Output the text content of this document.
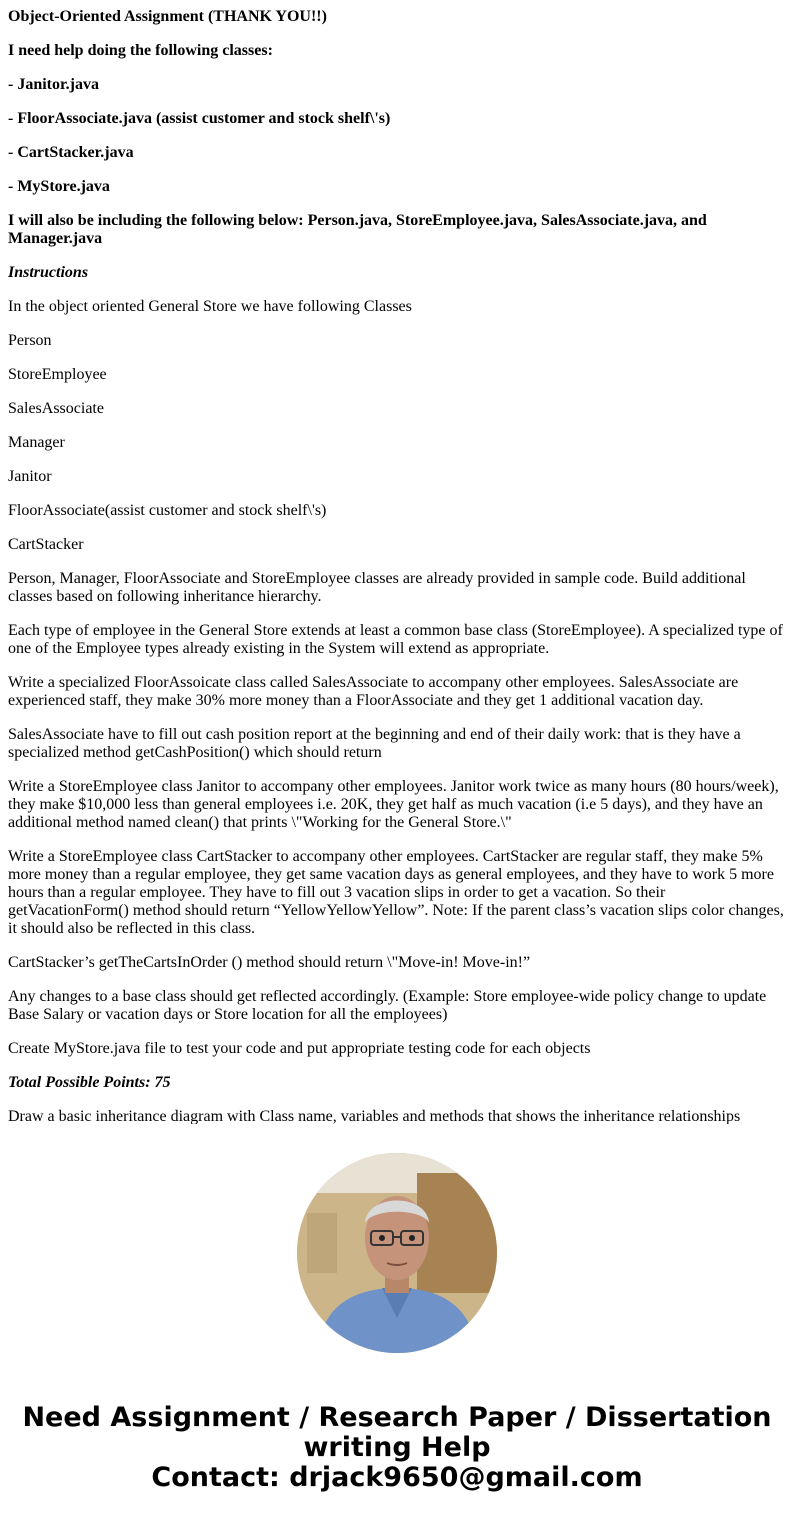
Object-Oriented Assignment (THANK YOU!!)

I need help doing the following classes:

- Janitor.java

- FloorAssociate.java (assist customer and stock shelf\'s)

- CartStacker.java

- MyStore.java

I will also be including the following below: Person.java, StoreEmployee.java, SalesAssociate.java, and Manager.java

Instructions

In the object oriented General Store we have following Classes

Person

StoreEmployee

SalesAssociate

Manager

Janitor

FloorAssociate(assist customer and stock shelf\'s)

CartStacker

Person, Manager, FloorAssociate and StoreEmployee classes are already provided in sample code. Build additional classes based on following inheritance hierarchy.

Each type of employee in the General Store extends at least a common base class (StoreEmployee). A specialized type of one of the Employee types already existing in the System will extend as appropriate.

Write a specialized FloorAssoicate class called SalesAssociate to accompany other employees. SalesAssociate are experienced staff, they make 30% more money than a FloorAssociate and they get 1 additional vacation day.

SalesAssociate have to fill out cash position report at the beginning and end of their daily work: that is they have a specialized method getCashPosition() which should return

Write a StoreEmployee class Janitor to accompany other employees. Janitor work twice as many hours (80 hours/week), they make $10,000 less than general employees i.e. 20K, they get half as much vacation (i.e 5 days), and they have an additional method named clean() that prints \"Working for the General Store.\"

Write a StoreEmployee class CartStacker to accompany other employees. CartStacker are regular staff, they make 5% more money than a regular employee, they get same vacation days as general employees, and they have to work 5 more hours than a regular employee. They have to fill out 3 vacation slips in order to get a vacation. So their getVacationForm() method should return “YellowYellowYellow”. Note: If the parent class’s vacation slips color changes, it should also be reflected in this class.

CartStacker’s getTheCartsInOrder () method should return \"Move-in! Move-in!”

Any changes to a base class should get reflected accordingly. (Example: Store employee-wide policy change to update Base Salary or vacation days or Store location for all the employees)

Create MyStore.java file to test your code and put appropriate testing code for each objects

Total Possible Points: 75

Draw a basic inheritance diagram with Class name, variables and methods that shows the inheritance relationships

Need Assignment / Research Paper / Dissertation
writing Help
Contact: drjack9650@gmail.com
